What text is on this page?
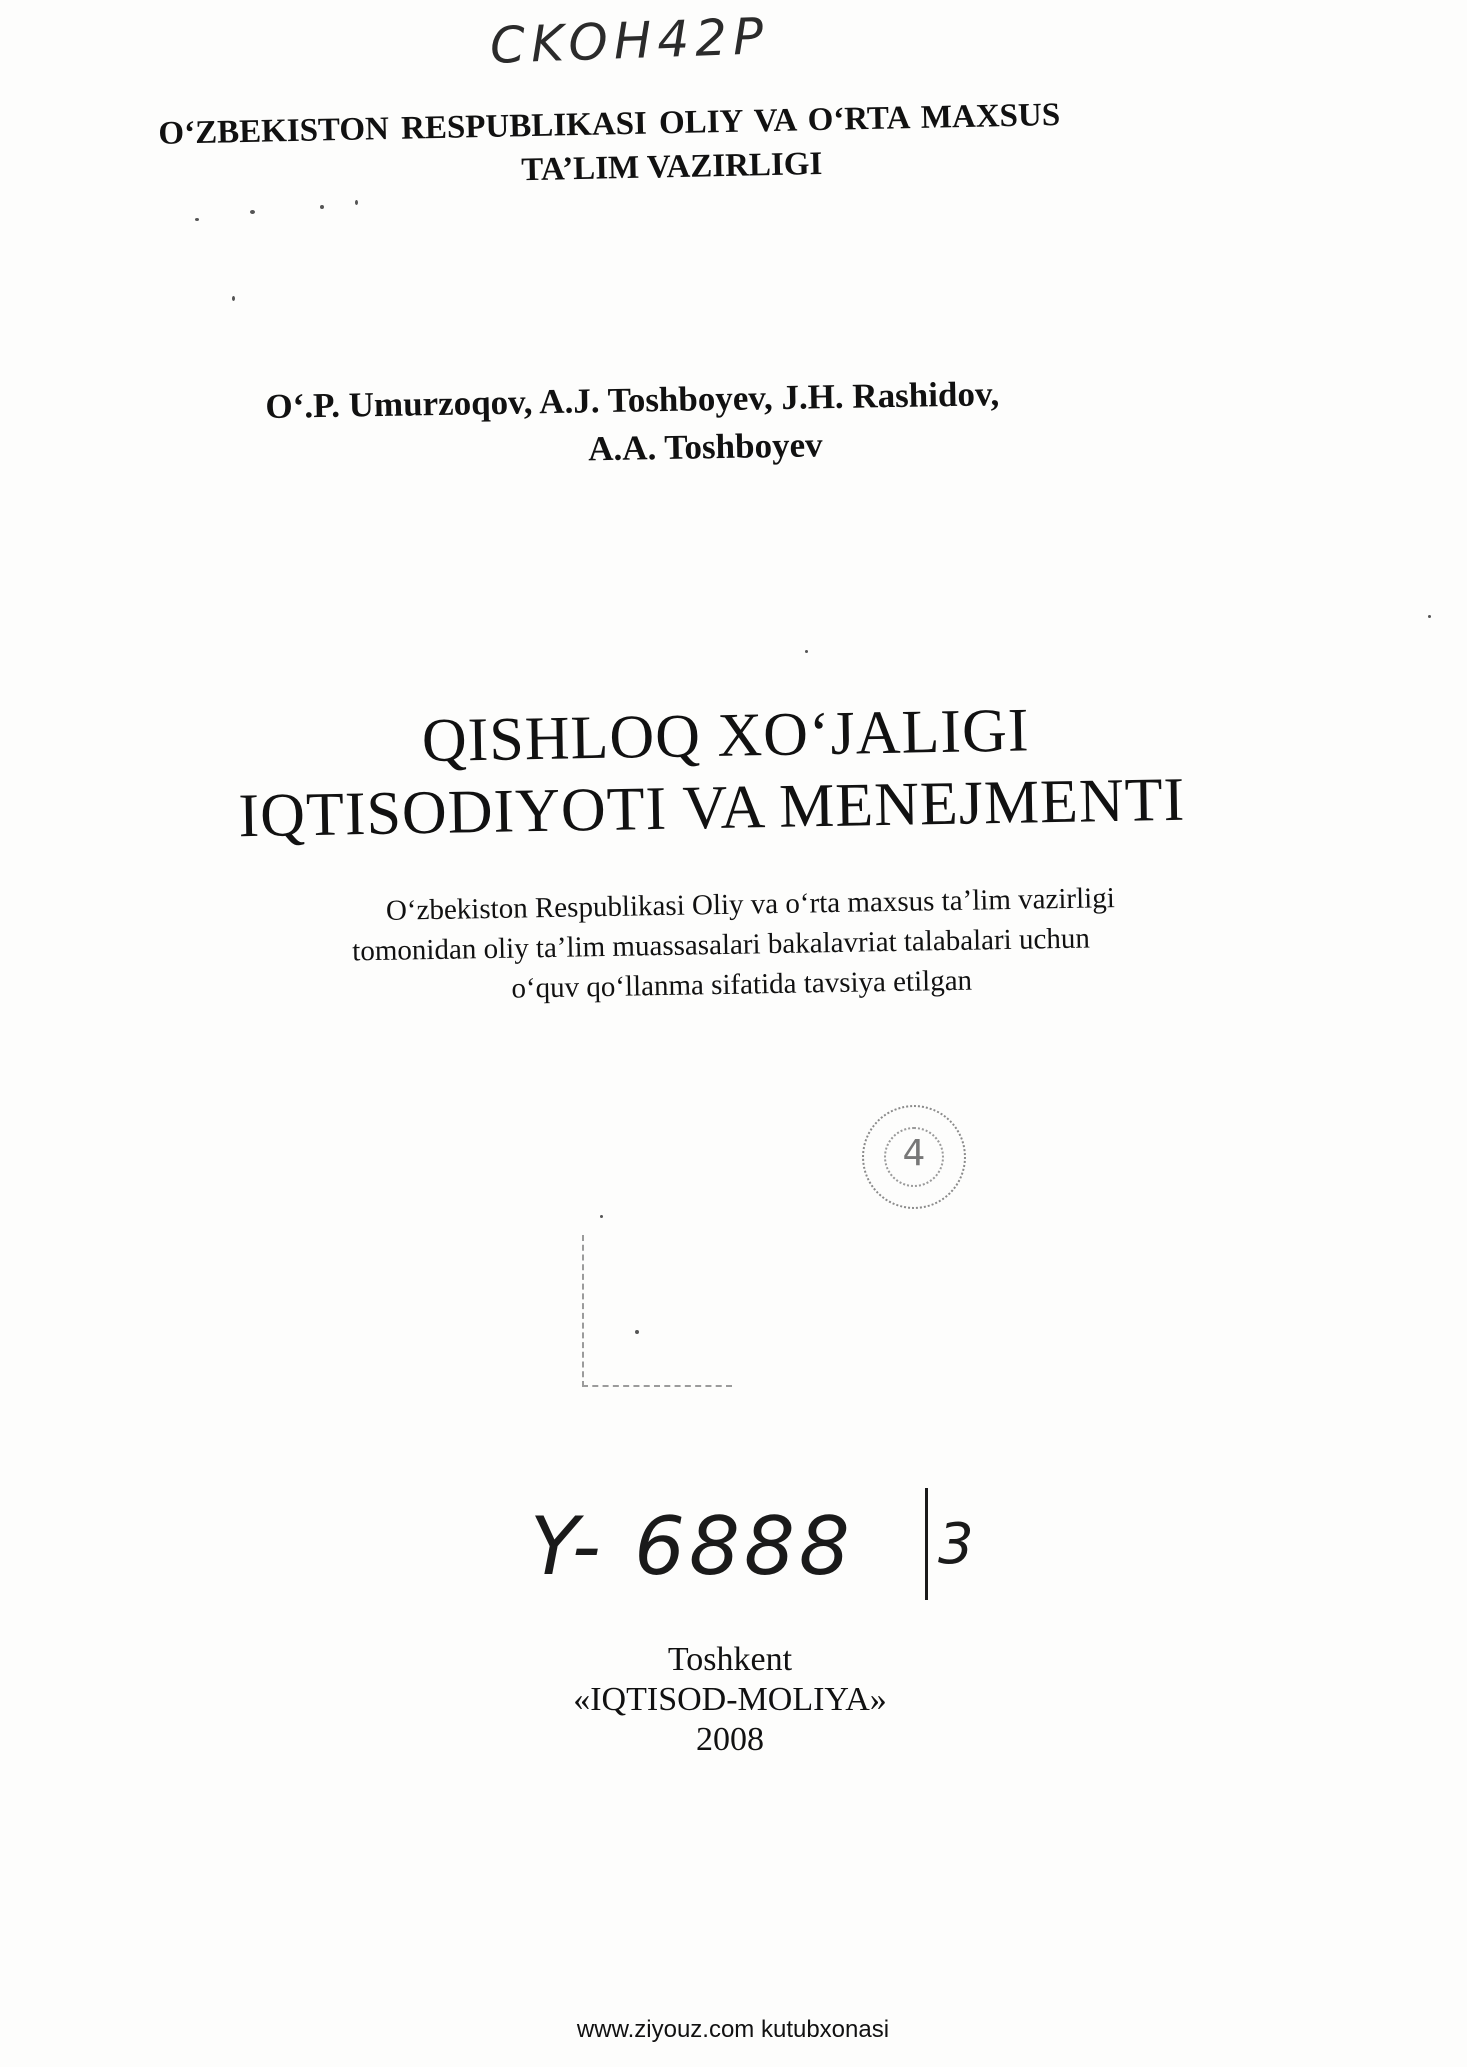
CKOH42P
O‘ZBEKISTON RESPUBLIKASI OLIY VA O‘RTA MAXSUS
TA’LIM VAZIRLIGI
O‘.P. Umurzoqov, A.J. Toshboyev, J.H. Rashidov,
A.A. Toshboyev
QISHLOQ XO‘JALIGI
IQTISODIYOTI VA MENEJMENTI
O‘zbekiston Respublikasi Oliy va o‘rta maxsus ta’lim vazirligi
tomonidan oliy ta’lim muassasalari bakalavriat talabalari uchun
o‘quv qo‘llanma sifatida tavsiya etilgan
4
Y- 6888 3
Toshkent
«IQTISOD-MOLIYA»
2008
www.ziyouz.com kutubxonasi
